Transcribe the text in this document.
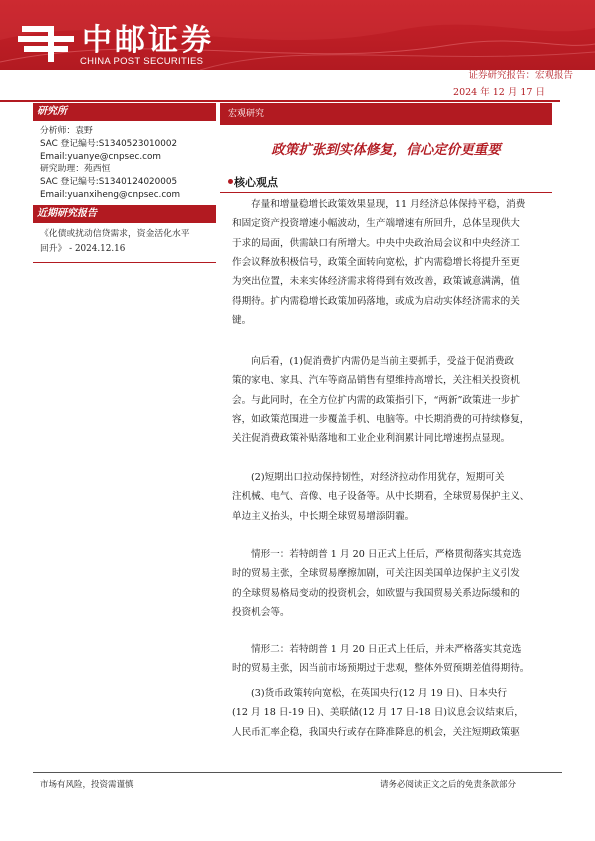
中邮证券
CHINA POST SECURITIES
证券研究报告：宏观报告
2024 年 12 月 17 日
研究所
分析师：袁野
SAC 登记编号:S1340523010002
Email:yuanye@cnpsec.com
研究助理：苑西恒
SAC 登记编号:S1340124020005
Email:yuanxiheng@cnpsec.com
近期研究报告
《化债或扰动信贷需求，资金活化水平
回升》 - 2024.12.16
宏观研究
政策扩张到实体修复，信心定价更重要
核心观点
存量和增量稳增长政策效果显现，11 月经济总体保持平稳，消费
和固定资产投资增速小幅波动，生产端增速有所回升，总体呈现供大
于求的局面，供需缺口有所增大。中央中央政治局会议和中央经济工
作会议释放积极信号，政策全面转向宽松，扩内需稳增长将提升至更
为突出位置，未来实体经济需求将得到有效改善，政策诚意满满，值
得期待。扩内需稳增长政策加码落地，或成为启动实体经济需求的关
键。
向后看，(1)促消费扩内需仍是当前主要抓手，受益于促消费政
策的家电、家具、汽车等商品销售有望维持高增长，关注相关投资机
会。与此同时，在全方位扩内需的政策指引下，“两新”政策进一步扩
容，如政策范围进一步覆盖手机、电脑等。中长期消费的可持续修复，
关注促消费政策补贴落地和工业企业利润累计同比增速拐点显现。
(2)短期出口拉动保持韧性，对经济拉动作用犹存，短期可关
注机械、电气、音像、电子设备等。从中长期看，全球贸易保护主义、
单边主义抬头，中长期全球贸易增添阴霾。
情形一：若特朗普 1 月 20 日正式上任后，严格贯彻落实其竞选
时的贸易主张，全球贸易摩擦加剧，可关注因美国单边保护主义引发
的全球贸易格局变动的投资机会，如欧盟与我国贸易关系边际缓和的
投资机会等。
情形二：若特朗普 1 月 20 日正式上任后，并未严格落实其竞选
时的贸易主张，因当前市场预期过于悲观，整体外贸预期差值得期待。
(3)货币政策转向宽松，在英国央行(12 月 19 日)、日本央行
(12 月 18 日-19 日)、美联储(12 月 17 日-18 日)议息会议结束后，
人民币汇率企稳，我国央行或存在降准降息的机会，关注短期政策驱
市场有风险，投资需谨慎	请务必阅读正文之后的免责条款部分
